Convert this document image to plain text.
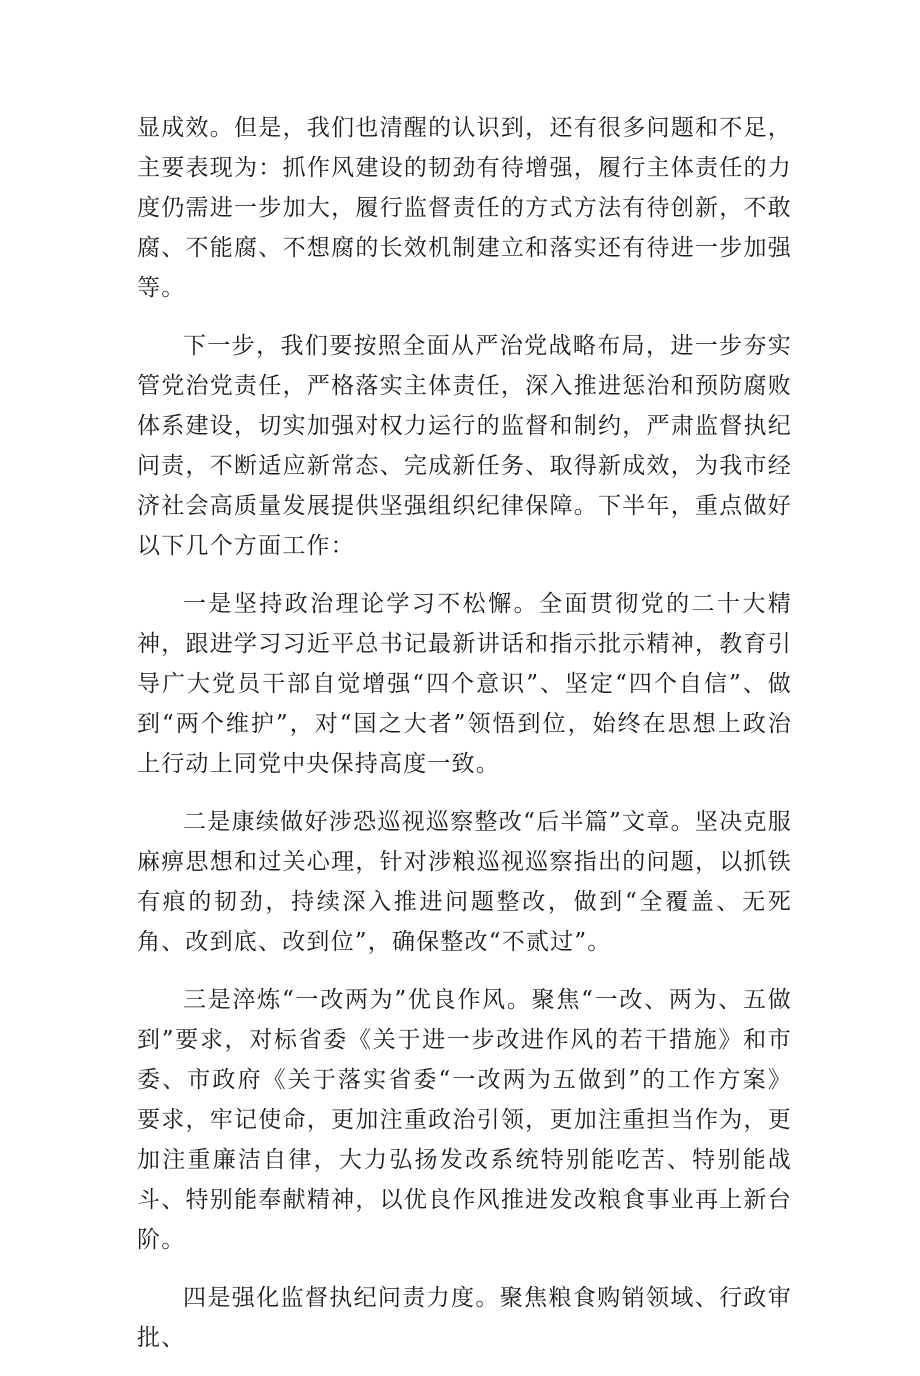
显成效。但是，我们也清醒的认识到，还有很多问题和不足，主要表现为：抓作风建设的韧劲有待增强，履行主体责任的力度仍需进一步加大，履行监督责任的方式方法有待创新，不敢腐、不能腐、不想腐的长效机制建立和落实还有待进一步加强等。

下一步，我们要按照全面从严治党战略布局，进一步夯实管党治党责任，严格落实主体责任，深入推进惩治和预防腐败体系建设，切实加强对权力运行的监督和制约，严肃监督执纪问责，不断适应新常态、完成新任务、取得新成效，为我市经济社会高质量发展提供坚强组织纪律保障。下半年，重点做好以下几个方面工作：

一是坚持政治理论学习不松懈。全面贯彻党的二十大精神，跟进学习习近平总书记最新讲话和指示批示精神，教育引导广大党员干部自觉增强“四个意识”、坚定“四个自信”、做到“两个维护”，对“国之大者”领悟到位，始终在思想上政治上行动上同党中央保持高度一致。

二是康续做好涉恐巡视巡察整改“后半篇”文章。坚决克服麻痹思想和过关心理，针对涉粮巡视巡察指出的问题，以抓铁有痕的韧劲，持续深入推进问题整改，做到“全覆盖、无死角、改到底、改到位”，确保整改“不贰过”。

三是淬炼“一改两为”优良作风。聚焦“一改、两为、五做到”要求，对标省委《关于进一步改进作风的若干措施》和市委、市政府《关于落实省委“一改两为五做到”的工作方案》要求，牢记使命，更加注重政治引领，更加注重担当作为，更加注重廉洁自律，大力弘扬发改系统特别能吃苦、特别能战斗、特别能奉献精神，以优良作风推进发改粮食事业再上新台阶。

四是强化监督执纪问责力度。聚焦粮食购销领域、行政审批、
